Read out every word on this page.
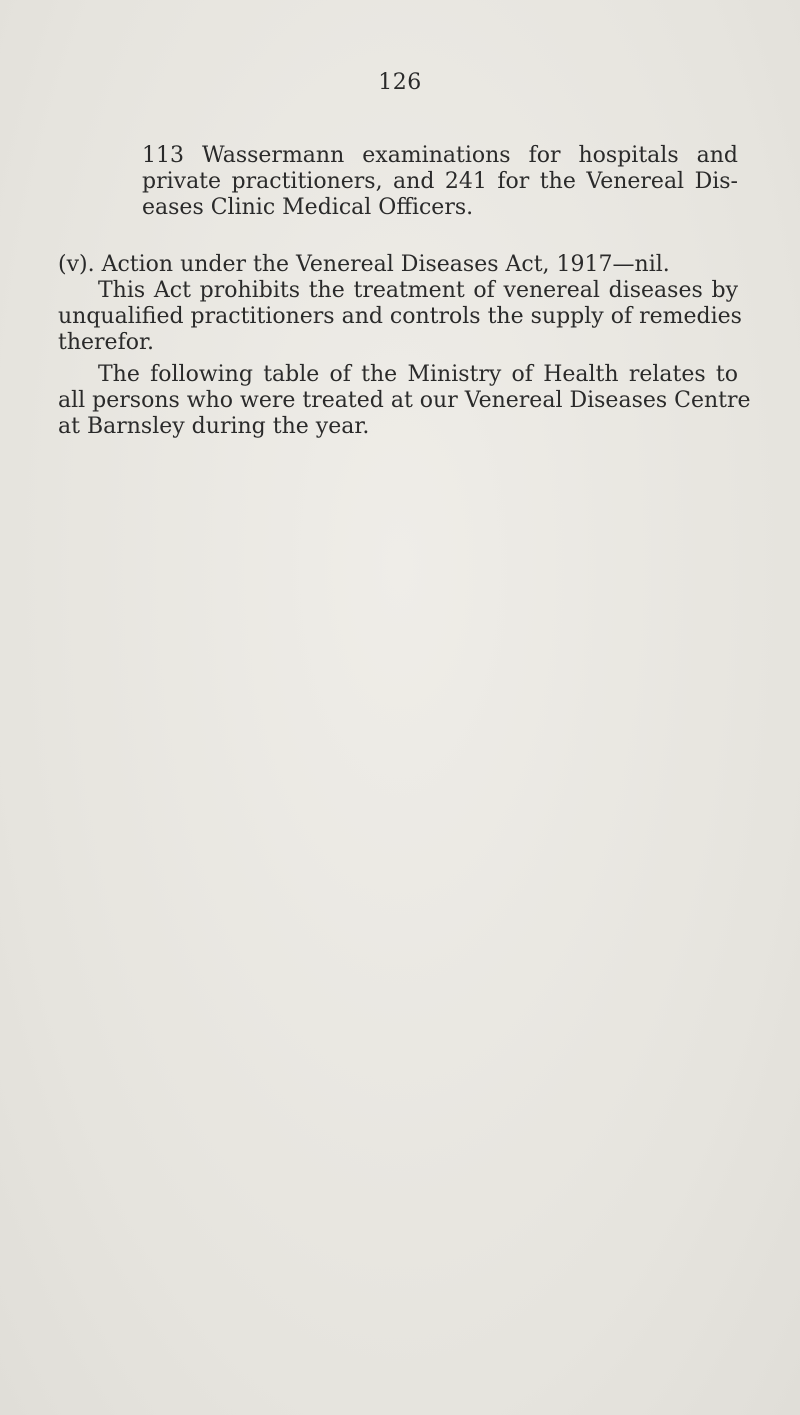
126

113 Wassermann examinations for hospitals and
private practitioners, and 241 for the Venereal Dis-
eases Clinic Medical Officers.

(v). Action under the Venereal Diseases Act, 1917—nil.
This Act prohibits the treatment of venereal diseases by
unqualified practitioners and controls the supply of remedies
therefor.

The following table of the Ministry of Health relates to
all persons who were treated at our Venereal Diseases Centre
at Barnsley during the year.
